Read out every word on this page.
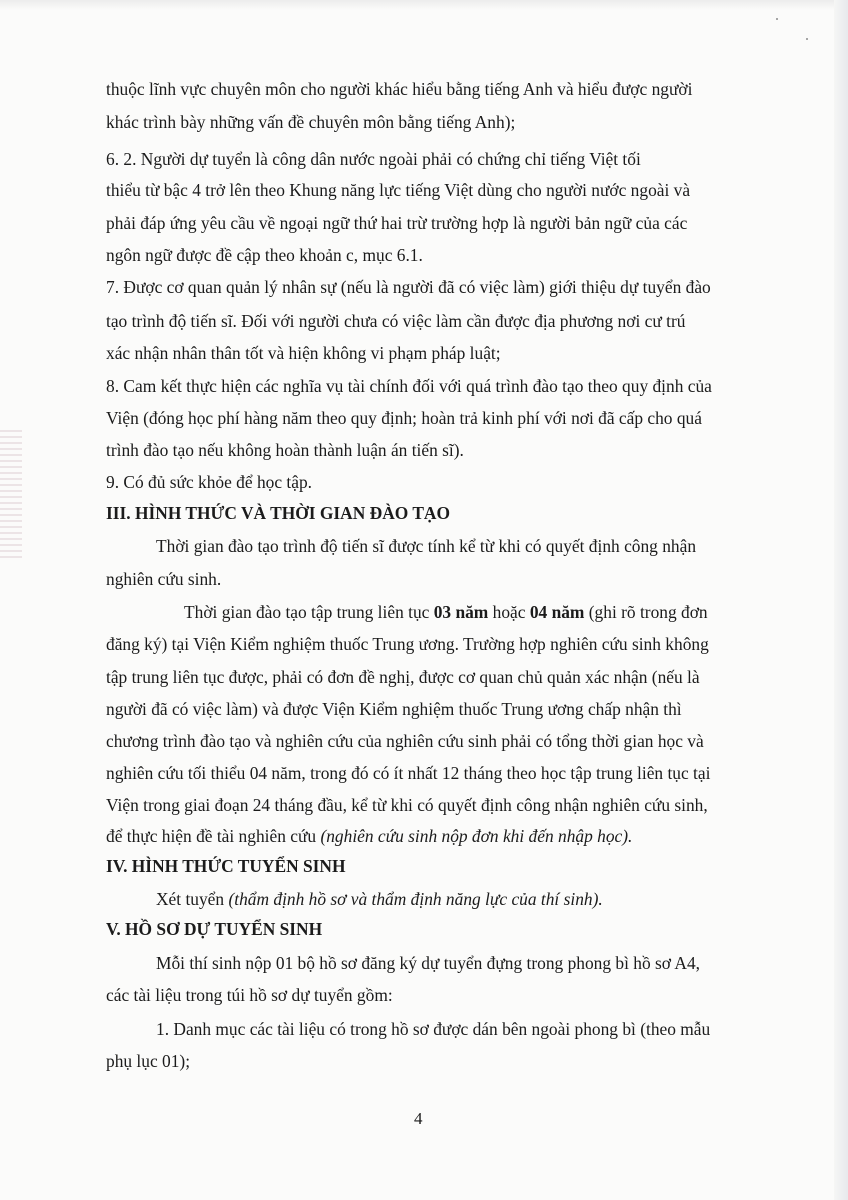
thuộc lĩnh vực chuyên môn cho người khác hiểu bằng tiếng Anh và hiểu được người
khác trình bày những vấn đề chuyên môn bằng tiếng Anh);
6. 2. Người dự tuyển là công dân nước ngoài phải có chứng chỉ tiếng Việt tối
thiểu từ bậc 4 trở lên theo Khung năng lực tiếng Việt dùng cho người nước ngoài và
phải đáp ứng yêu cầu về ngoại ngữ thứ hai trừ trường hợp là người bản ngữ của các
ngôn ngữ được đề cập theo khoản c, mục 6.1.
7. Được cơ quan quản lý nhân sự (nếu là người đã có việc làm) giới thiệu dự tuyển đào
tạo trình độ tiến sĩ. Đối với người chưa có việc làm cần được địa phương nơi cư trú
xác nhận nhân thân tốt và hiện không vi phạm pháp luật;
8. Cam kết thực hiện các nghĩa vụ tài chính đối với quá trình đào tạo theo quy định của
Viện (đóng học phí hàng năm theo quy định; hoàn trả kinh phí với nơi đã cấp cho quá
trình đào tạo nếu không hoàn thành luận án tiến sĩ).
9. Có đủ sức khỏe để học tập.
III. HÌNH THỨC VÀ THỜI GIAN ĐÀO TẠO
Thời gian đào tạo trình độ tiến sĩ được tính kể từ khi có quyết định công nhận
nghiên cứu sinh.
Thời gian đào tạo tập trung liên tục 03 năm hoặc 04 năm (ghi rõ trong đơn
đăng ký) tại Viện Kiểm nghiệm thuốc Trung ương. Trường hợp nghiên cứu sinh không
tập trung liên tục được, phải có đơn đề nghị, được cơ quan chủ quản xác nhận (nếu là
người đã có việc làm) và được Viện Kiểm nghiệm thuốc Trung ương chấp nhận thì
chương trình đào tạo và nghiên cứu của nghiên cứu sinh phải có tổng thời gian học và
nghiên cứu tối thiểu 04 năm, trong đó có ít nhất 12 tháng theo học tập trung liên tục tại
Viện trong giai đoạn 24 tháng đầu, kể từ khi có quyết định công nhận nghiên cứu sinh,
để thực hiện đề tài nghiên cứu (nghiên cứu sinh nộp đơn khi đến nhập học).
IV. HÌNH THỨC TUYỂN SINH
Xét tuyển (thẩm định hồ sơ và thẩm định năng lực của thí sinh).
V. HỒ SƠ DỰ TUYỂN SINH
Mỗi thí sinh nộp 01 bộ hồ sơ đăng ký dự tuyển đựng trong phong bì hồ sơ A4,
các tài liệu trong túi hồ sơ dự tuyển gồm:
1. Danh mục các tài liệu có trong hồ sơ được dán bên ngoài phong bì (theo mẫu
phụ lục 01);
4
